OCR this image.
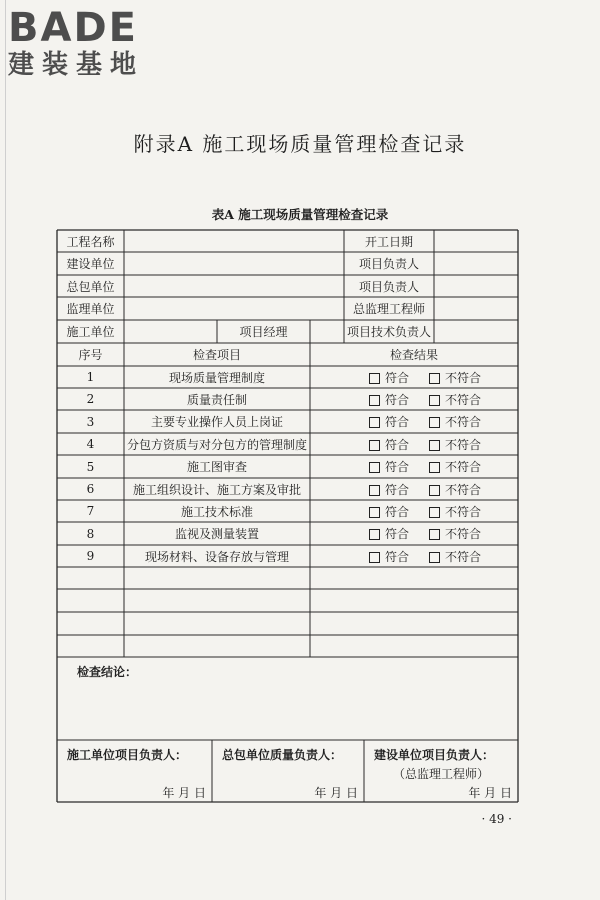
BADE
建装基地
附录A 施工现场质量管理检查记录
表A 施工现场质量管理检查记录
工程名称	开工日期
建设单位	项目负责人
总包单位	项目负责人
监理单位	总监理工程师
施工单位	项目经理	项目技术负责人
序号	检查项目	检查结果
1	现场质量管理制度	符合	不符合
2	质量责任制	符合	不符合
3	主要专业操作人员上岗证	符合	不符合
4	分包方资质与对分包方的管理制度	符合	不符合
5	施工图审查	符合	不符合
6	施工组织设计、施工方案及审批	符合	不符合
7	施工技术标准	符合	不符合
8	监视及测量装置	符合	不符合
9	现场材料、设备存放与管理	符合	不符合
检查结论：
施工单位项目负责人：
年 月 日
总包单位质量负责人：
年 月 日
建设单位项目负责人：
（总监理工程师）
年 月 日
· 49 ·
